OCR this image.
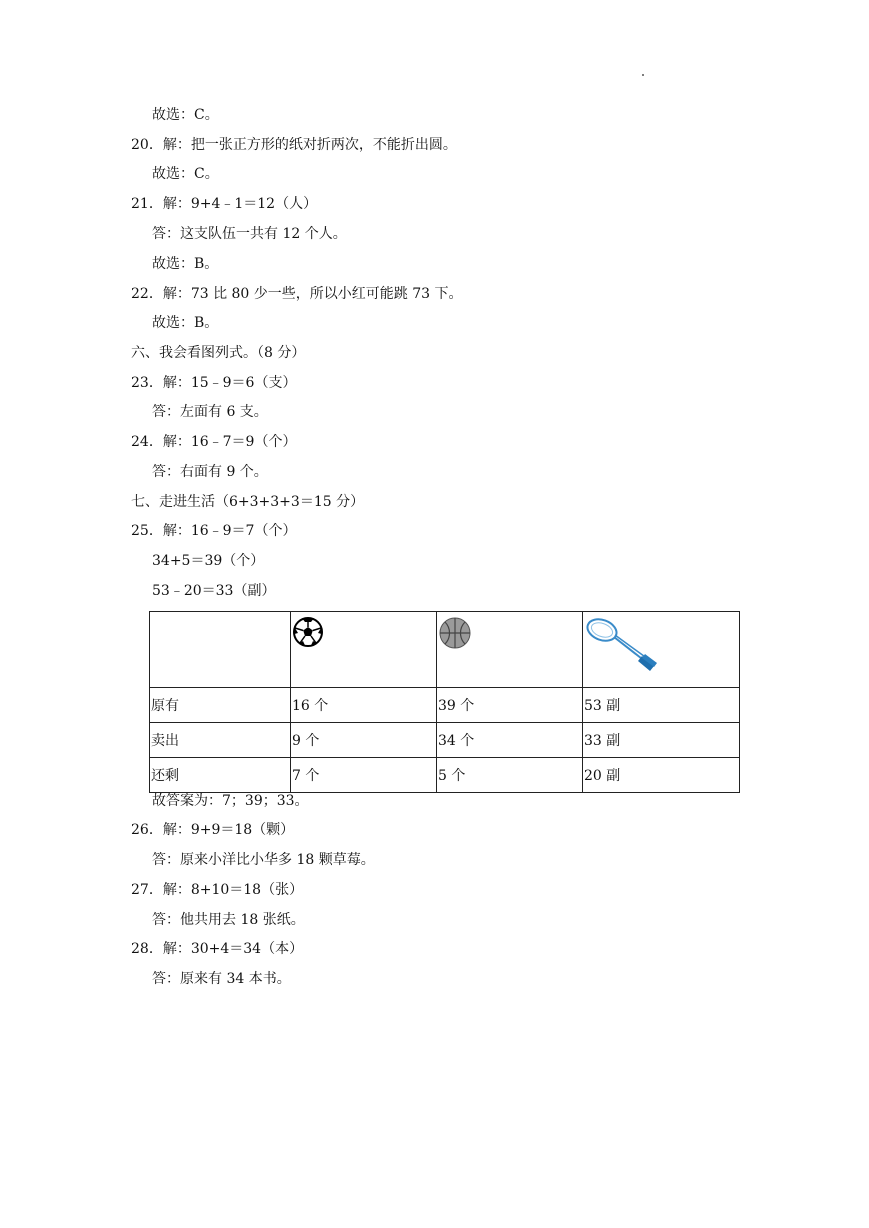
故选：C。
20．解：把一张正方形的纸对折两次，不能折出圆。
故选：C。
21．解：9+4﹣1＝12（人）
答：这支队伍一共有 12 个人。
故选：B。
22．解：73 比 80 少一些，所以小红可能跳 73 下。
故选：B。
六、我会看图列式。（8 分）
23．解：15﹣9＝6（支）
答：左面有 6 支。
24．解：16﹣7＝9（个）
答：右面有 9 个。
七、走进生活（6+3+3+3＝15 分）
25．解：16﹣9＝7（个）
34+5＝39（个）
53﹣20＝33（副）

原有	16 个	39 个	53 副
卖出	9 个	34 个	33 副
还剩	7 个	5 个	20 副
故答案为：7；39；33。
26．解：9+9＝18（颗）
答：原来小洋比小华多 18 颗草莓。
27．解：8+10＝18（张）
答：他共用去 18 张纸。
28．解：30+4＝34（本）
答：原来有 34 本书。
